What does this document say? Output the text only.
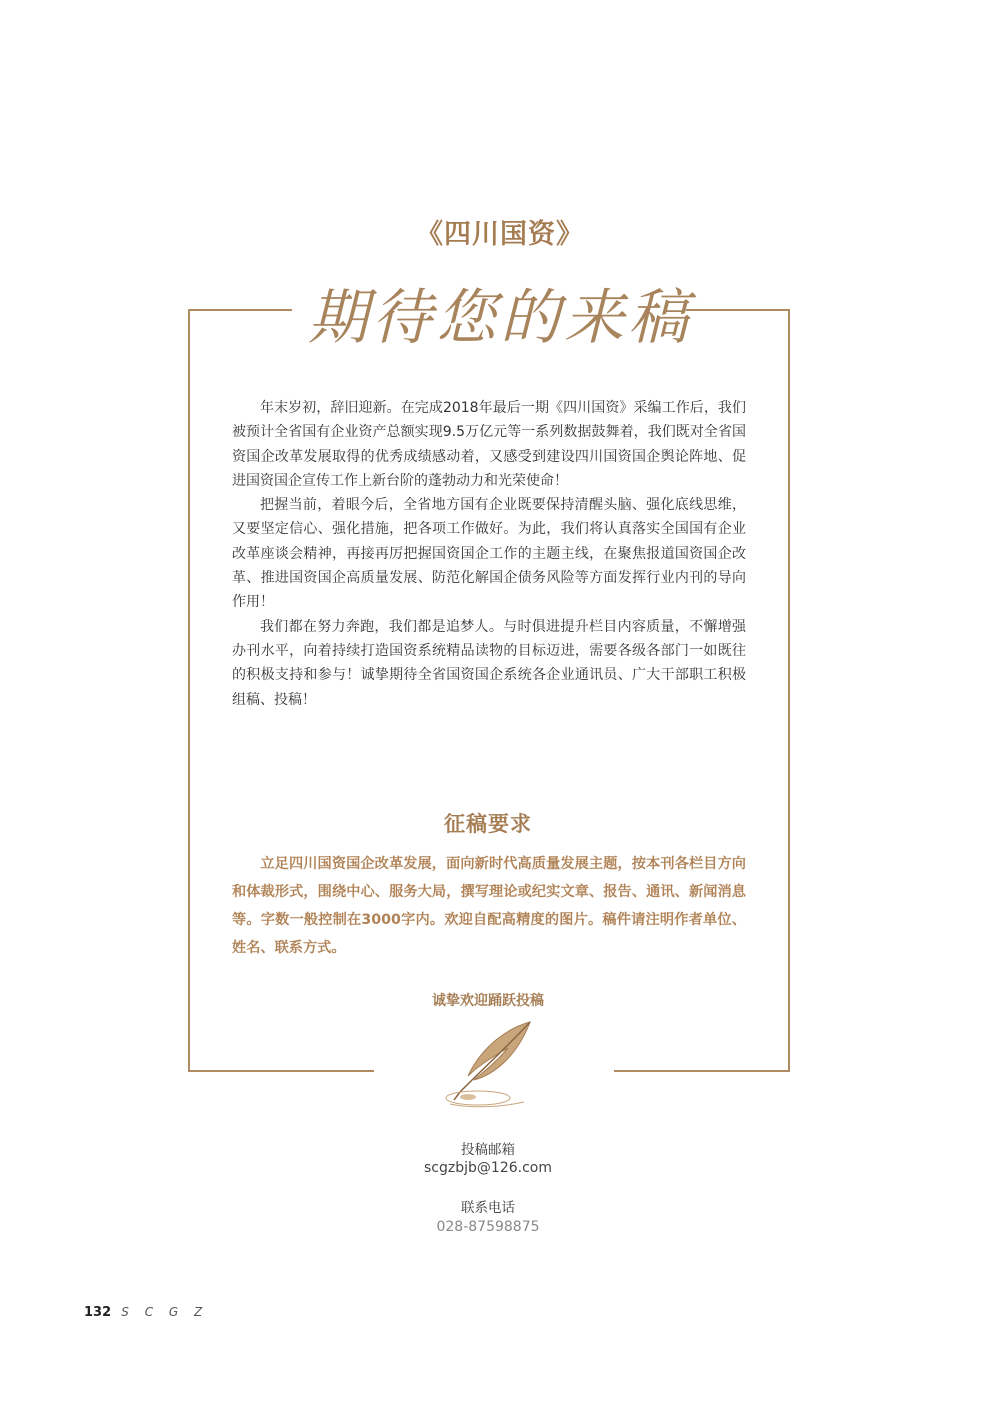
《四川国资》
期待您的来稿

年末岁初，辞旧迎新。在完成2018年最后一期《四川国资》采编工作后，我们被预计全省国有企业资产总额实现9.5万亿元等一系列数据鼓舞着，我们既对全省国资国企改革发展取得的优秀成绩感动着，又感受到建设四川国资国企舆论阵地、促进国资国企宣传工作上新台阶的蓬勃动力和光荣使命！

把握当前，着眼今后，全省地方国有企业既要保持清醒头脑、强化底线思维，又要坚定信心、强化措施，把各项工作做好。为此，我们将认真落实全国国有企业改革座谈会精神，再接再厉把握国资国企工作的主题主线，在聚焦报道国资国企改革、推进国资国企高质量发展、防范化解国企债务风险等方面发挥行业内刊的导向作用！

我们都在努力奔跑，我们都是追梦人。与时俱进提升栏目内容质量，不懈增强办刊水平，向着持续打造国资系统精品读物的目标迈进，需要各级各部门一如既往的积极支持和参与！诚挚期待全省国资国企系统各企业通讯员、广大干部职工积极组稿、投稿！

征稿要求

立足四川国资国企改革发展，面向新时代高质量发展主题，按本刊各栏目方向和体裁形式，围绕中心、服务大局，撰写理论或纪实文章、报告、通讯、新闻消息等。字数一般控制在3000字内。欢迎自配高精度的图片。稿件请注明作者单位、姓名、联系方式。

诚挚欢迎踊跃投稿
投稿邮箱
scgzbjb@126.com
联系电话
028-87598875
132 S C G Z
